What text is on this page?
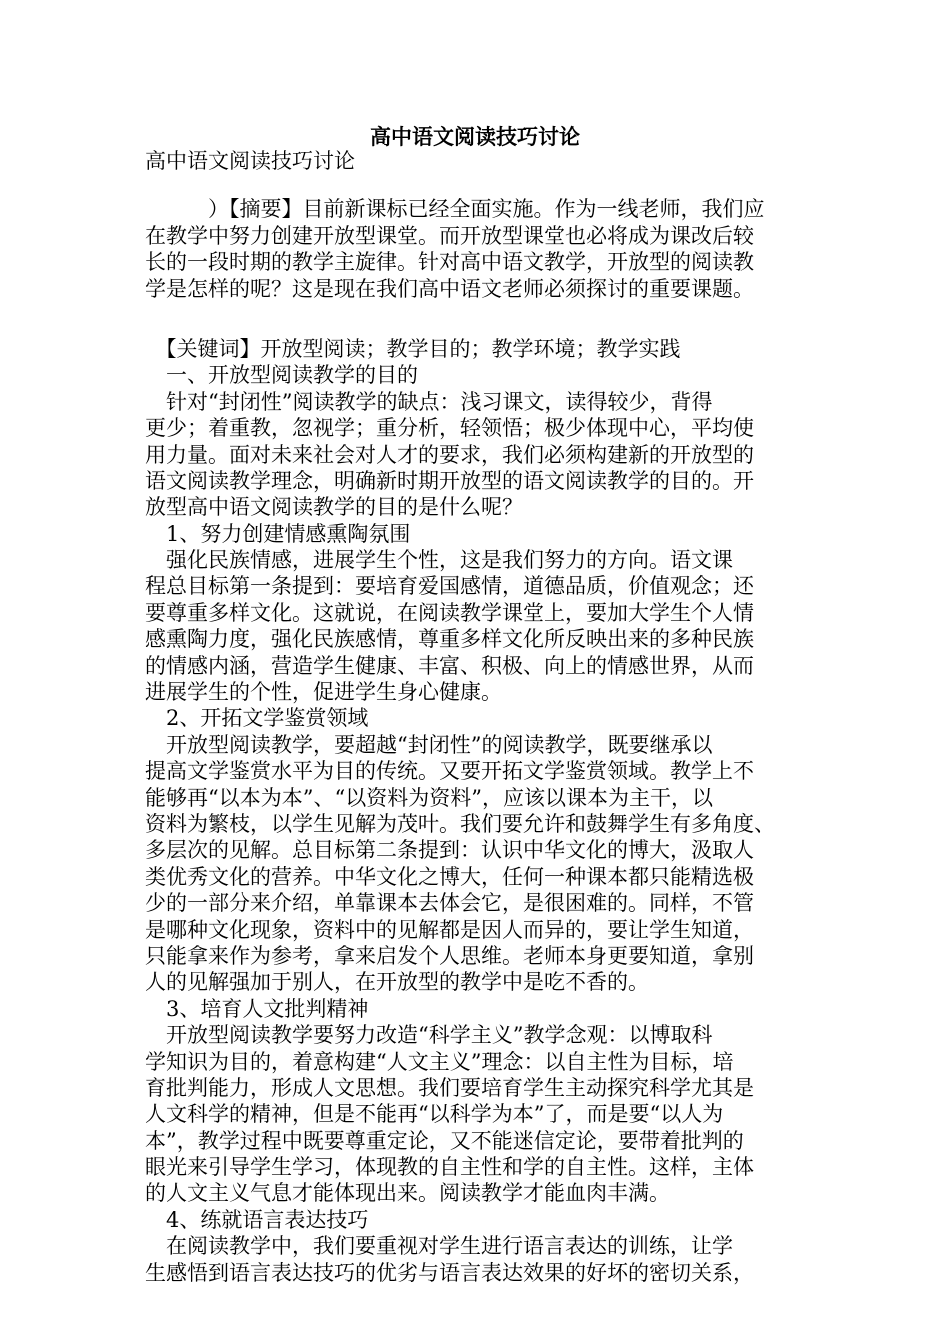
高中语文阅读技巧讨论
高中语文阅读技巧讨论
　　　）【摘要】目前新课标已经全面实施。作为一线老师，我们应
在教学中努力创建开放型课堂。而开放型课堂也必将成为课改后较
长的一段时期的教学主旋律。针对高中语文教学，开放型的阅读教
学是怎样的呢？这是现在我们高中语文老师必须探讨的重要课题。
　【关键词】开放型阅读；教学目的；教学环境；教学实践
　一、开放型阅读教学的目的
　针对“封闭性”阅读教学的缺点：浅习课文，读得较少，背得
更少；着重教，忽视学；重分析，轻领悟；极少体现中心，平均使
用力量。面对未来社会对人才的要求，我们必须构建新的开放型的
语文阅读教学理念，明确新时期开放型的语文阅读教学的目的。开
放型高中语文阅读教学的目的是什么呢？
　1、努力创建情感熏陶氛围
　强化民族情感，进展学生个性，这是我们努力的方向。语文课
程总目标第一条提到：要培育爱国感情，道德品质，价值观念；还
要尊重多样文化。这就说，在阅读教学课堂上，要加大学生个人情
感熏陶力度，强化民族感情，尊重多样文化所反映出来的多种民族
的情感内涵，营造学生健康、丰富、积极、向上的情感世界，从而
进展学生的个性，促进学生身心健康。
　2、开拓文学鉴赏领域
　开放型阅读教学，要超越“封闭性”的阅读教学，既要继承以
提高文学鉴赏水平为目的传统。又要开拓文学鉴赏领域。教学上不
能够再“以本为本”、“以资料为资料”，应该以课本为主干，以
资料为繁枝，以学生见解为茂叶。我们要允许和鼓舞学生有多角度、
多层次的见解。总目标第二条提到：认识中华文化的博大，汲取人
类优秀文化的营养。中华文化之博大，任何一种课本都只能精选极
少的一部分来介绍，单靠课本去体会它，是很困难的。同样，不管
是哪种文化现象，资料中的见解都是因人而异的，要让学生知道，
只能拿来作为参考，拿来启发个人思维。老师本身更要知道，拿别
人的见解强加于别人，在开放型的教学中是吃不香的。
　3、培育人文批判精神
　开放型阅读教学要努力改造“科学主义”教学念观：以博取科
学知识为目的，着意构建“人文主义”理念：以自主性为目标，培
育批判能力，形成人文思想。我们要培育学生主动探究科学尤其是
人文科学的精神，但是不能再“以科学为本”了，而是要“以人为
本”，教学过程中既要尊重定论，又不能迷信定论，要带着批判的
眼光来引导学生学习，体现教的自主性和学的自主性。这样，主体
的人文主义气息才能体现出来。阅读教学才能血肉丰满。
　4、练就语言表达技巧
　在阅读教学中，我们要重视对学生进行语言表达的训练，让学
生感悟到语言表达技巧的优劣与语言表达效果的好坏的密切关系，
